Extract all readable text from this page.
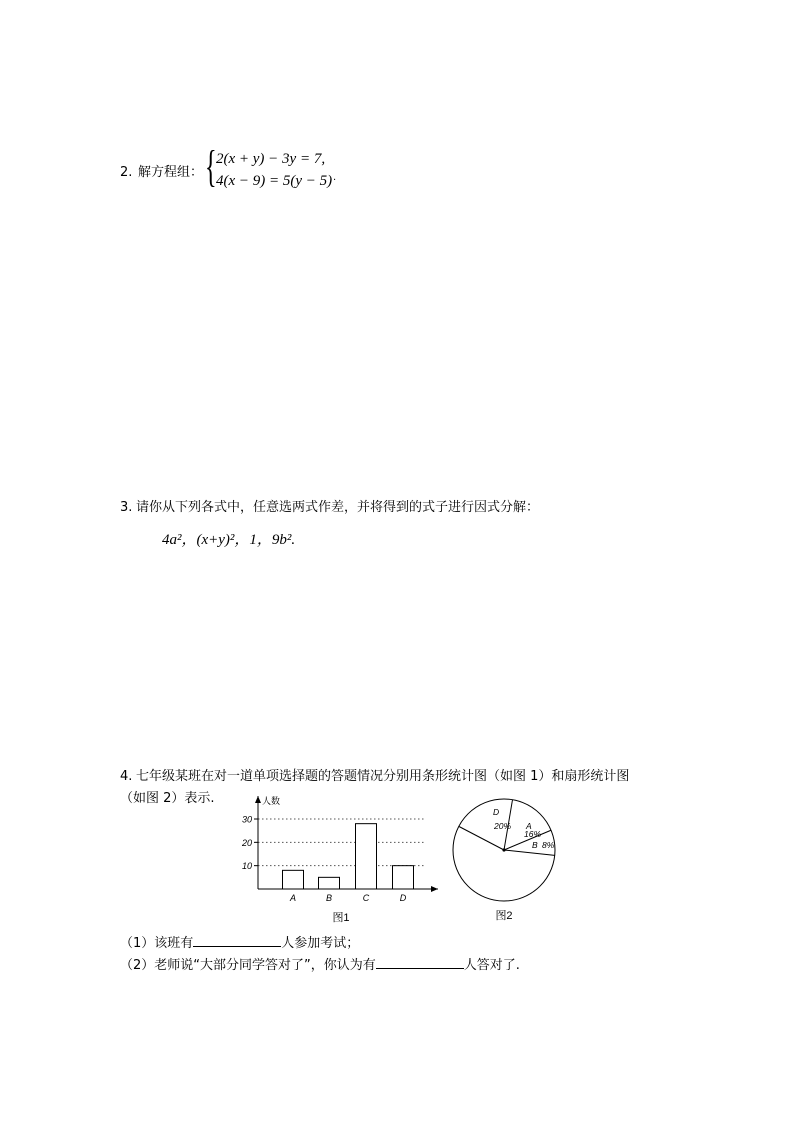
2. 解方程组： { 2(x + y) − 3y = 7,
4(x − 9) = 5(y − 5) .
3. 请你从下列各式中，任意选两式作差，并将得到的式子进行因式分解：
4a²，(x+y)²，1，9b².
4. 七年级某班在对一道单项选择题的答题情况分别用条形统计图（如图 1）和扇形统计图
（如图 2）表示.
10
20
30
人数
A	B	C	D
图1
D
20% A
16%
B 8%
图2
（1）该班有	人参加考试；
（2）老师说“大部分同学答对了”，你认为有	人答对了.
